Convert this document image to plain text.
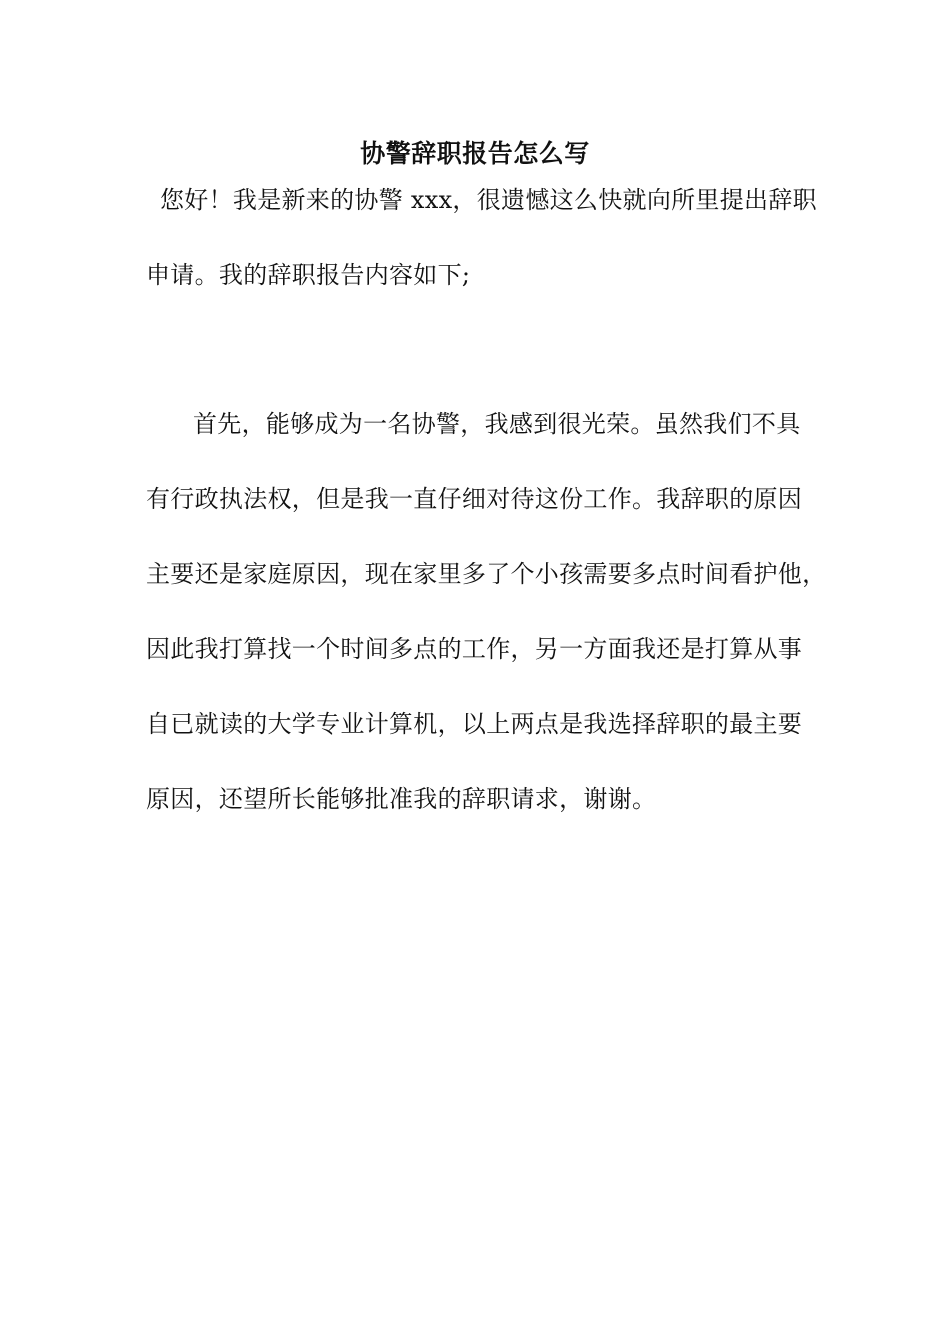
协警辞职报告怎么写

您好！我是新来的协警 xxx，很遗憾这么快就向所里提出辞职

申请。我的辞职报告内容如下;

首先，能够成为一名协警，我感到很光荣。虽然我们不具

有行政执法权，但是我一直仔细对待这份工作。我辞职的原因

主要还是家庭原因，现在家里多了个小孩需要多点时间看护他，

因此我打算找一个时间多点的工作，另一方面我还是打算从事

自已就读的大学专业计算机，以上两点是我选择辞职的最主要

原因，还望所长能够批准我的辞职请求，谢谢。
